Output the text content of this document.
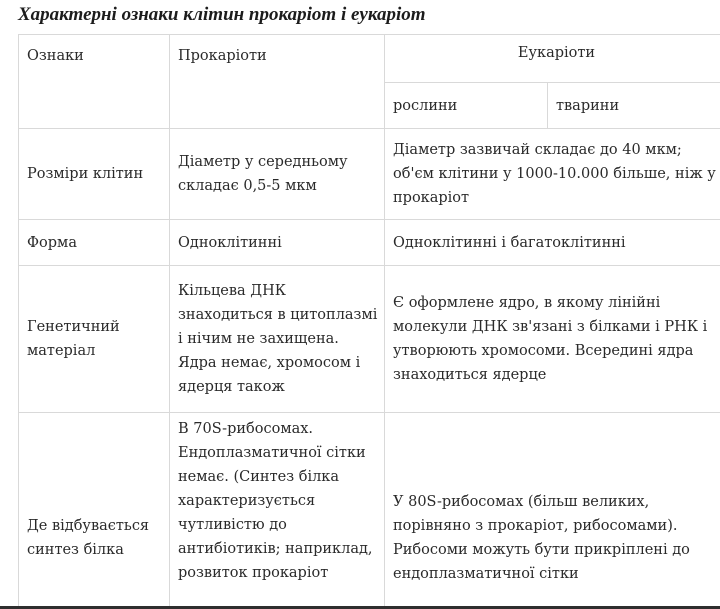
Характерні ознаки клітин прокаріот і еукаріот
Ознаки	Прокаріоти	Еукаріоти	
		рослини	тварини
Розміри клітин	Діаметр у середньому складає 0,5-5 мкм	Діаметр зазвичай складає до 40 мкм; об'єм клітини у 1000-10.000 більше, ніж у прокаріот	
Форма	Одноклітинні	Одноклітинні і багатоклітинні	
Генетичний матеріал	Кільцева ДНК знаходиться в цитоплазмі і нічим не захищена. Ядра немає, хромосом і ядерця також	Є оформлене ядро, в якому лінійні молекули ДНК зв'язані з білками і РНК і утворюють хромосоми. Всередині ядра знаходиться ядерце	
Де відбувається синтез білка	В 70S-рибосомах. Ендоплазматичної сітки немає. (Синтез білка характеризується чутливістю до антибіотиків; наприклад, розвиток прокаріот	У 80S-рибосомах (більш великих, порівняно з прокаріот, рибосомами). Рибосоми можуть бути прикріплені до ендоплазматичної сітки	
